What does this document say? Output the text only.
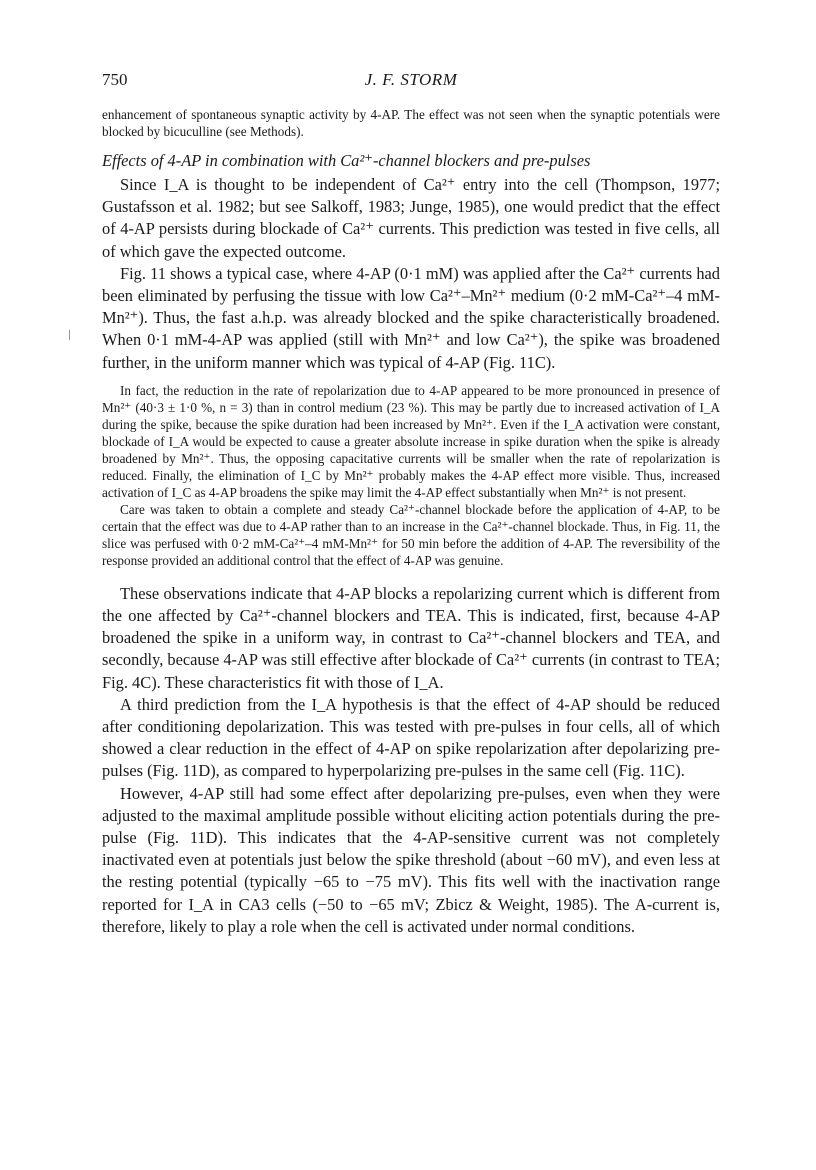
750	J. F. STORM

enhancement of spontaneous synaptic activity by 4-AP. The effect was not seen when the synaptic potentials were blocked by bicuculline (see Methods).

Effects of 4-AP in combination with Ca²⁺-channel blockers and pre-pulses

Since I_A is thought to be independent of Ca²⁺ entry into the cell (Thompson, 1977; Gustafsson et al. 1982; but see Salkoff, 1983; Junge, 1985), one would predict that the effect of 4-AP persists during blockade of Ca²⁺ currents. This prediction was tested in five cells, all of which gave the expected outcome.

Fig. 11 shows a typical case, where 4-AP (0·1 mM) was applied after the Ca²⁺ currents had been eliminated by perfusing the tissue with low Ca²⁺–Mn²⁺ medium (0·2 mM-Ca²⁺–4 mM-Mn²⁺). Thus, the fast a.h.p. was already blocked and the spike characteristically broadened. When 0·1 mM-4-AP was applied (still with Mn²⁺ and low Ca²⁺), the spike was broadened further, in the uniform manner which was typical of 4-AP (Fig. 11C).

In fact, the reduction in the rate of repolarization due to 4-AP appeared to be more pronounced in presence of Mn²⁺ (40·3 ± 1·0 %, n = 3) than in control medium (23 %). This may be partly due to increased activation of I_A during the spike, because the spike duration had been increased by Mn²⁺. Even if the I_A activation were constant, blockade of I_A would be expected to cause a greater absolute increase in spike duration when the spike is already broadened by Mn²⁺. Thus, the opposing capacitative currents will be smaller when the rate of repolarization is reduced. Finally, the elimination of I_C by Mn²⁺ probably makes the 4-AP effect more visible. Thus, increased activation of I_C as 4-AP broadens the spike may limit the 4-AP effect substantially when Mn²⁺ is not present.

Care was taken to obtain a complete and steady Ca²⁺-channel blockade before the application of 4-AP, to be certain that the effect was due to 4-AP rather than to an increase in the Ca²⁺-channel blockade. Thus, in Fig. 11, the slice was perfused with 0·2 mM-Ca²⁺–4 mM-Mn²⁺ for 50 min before the addition of 4-AP. The reversibility of the response provided an additional control that the effect of 4-AP was genuine.

These observations indicate that 4-AP blocks a repolarizing current which is different from the one affected by Ca²⁺-channel blockers and TEA. This is indicated, first, because 4-AP broadened the spike in a uniform way, in contrast to Ca²⁺-channel blockers and TEA, and secondly, because 4-AP was still effective after blockade of Ca²⁺ currents (in contrast to TEA; Fig. 4C). These characteristics fit with those of I_A.

A third prediction from the I_A hypothesis is that the effect of 4-AP should be reduced after conditioning depolarization. This was tested with pre-pulses in four cells, all of which showed a clear reduction in the effect of 4-AP on spike repolarization after depolarizing pre-pulses (Fig. 11D), as compared to hyperpolarizing pre-pulses in the same cell (Fig. 11C).

However, 4-AP still had some effect after depolarizing pre-pulses, even when they were adjusted to the maximal amplitude possible without eliciting action potentials during the pre-pulse (Fig. 11D). This indicates that the 4-AP-sensitive current was not completely inactivated even at potentials just below the spike threshold (about −60 mV), and even less at the resting potential (typically −65 to −75 mV). This fits well with the inactivation range reported for I_A in CA3 cells (−50 to −65 mV; Zbicz & Weight, 1985). The A-current is, therefore, likely to play a role when the cell is activated under normal conditions.
